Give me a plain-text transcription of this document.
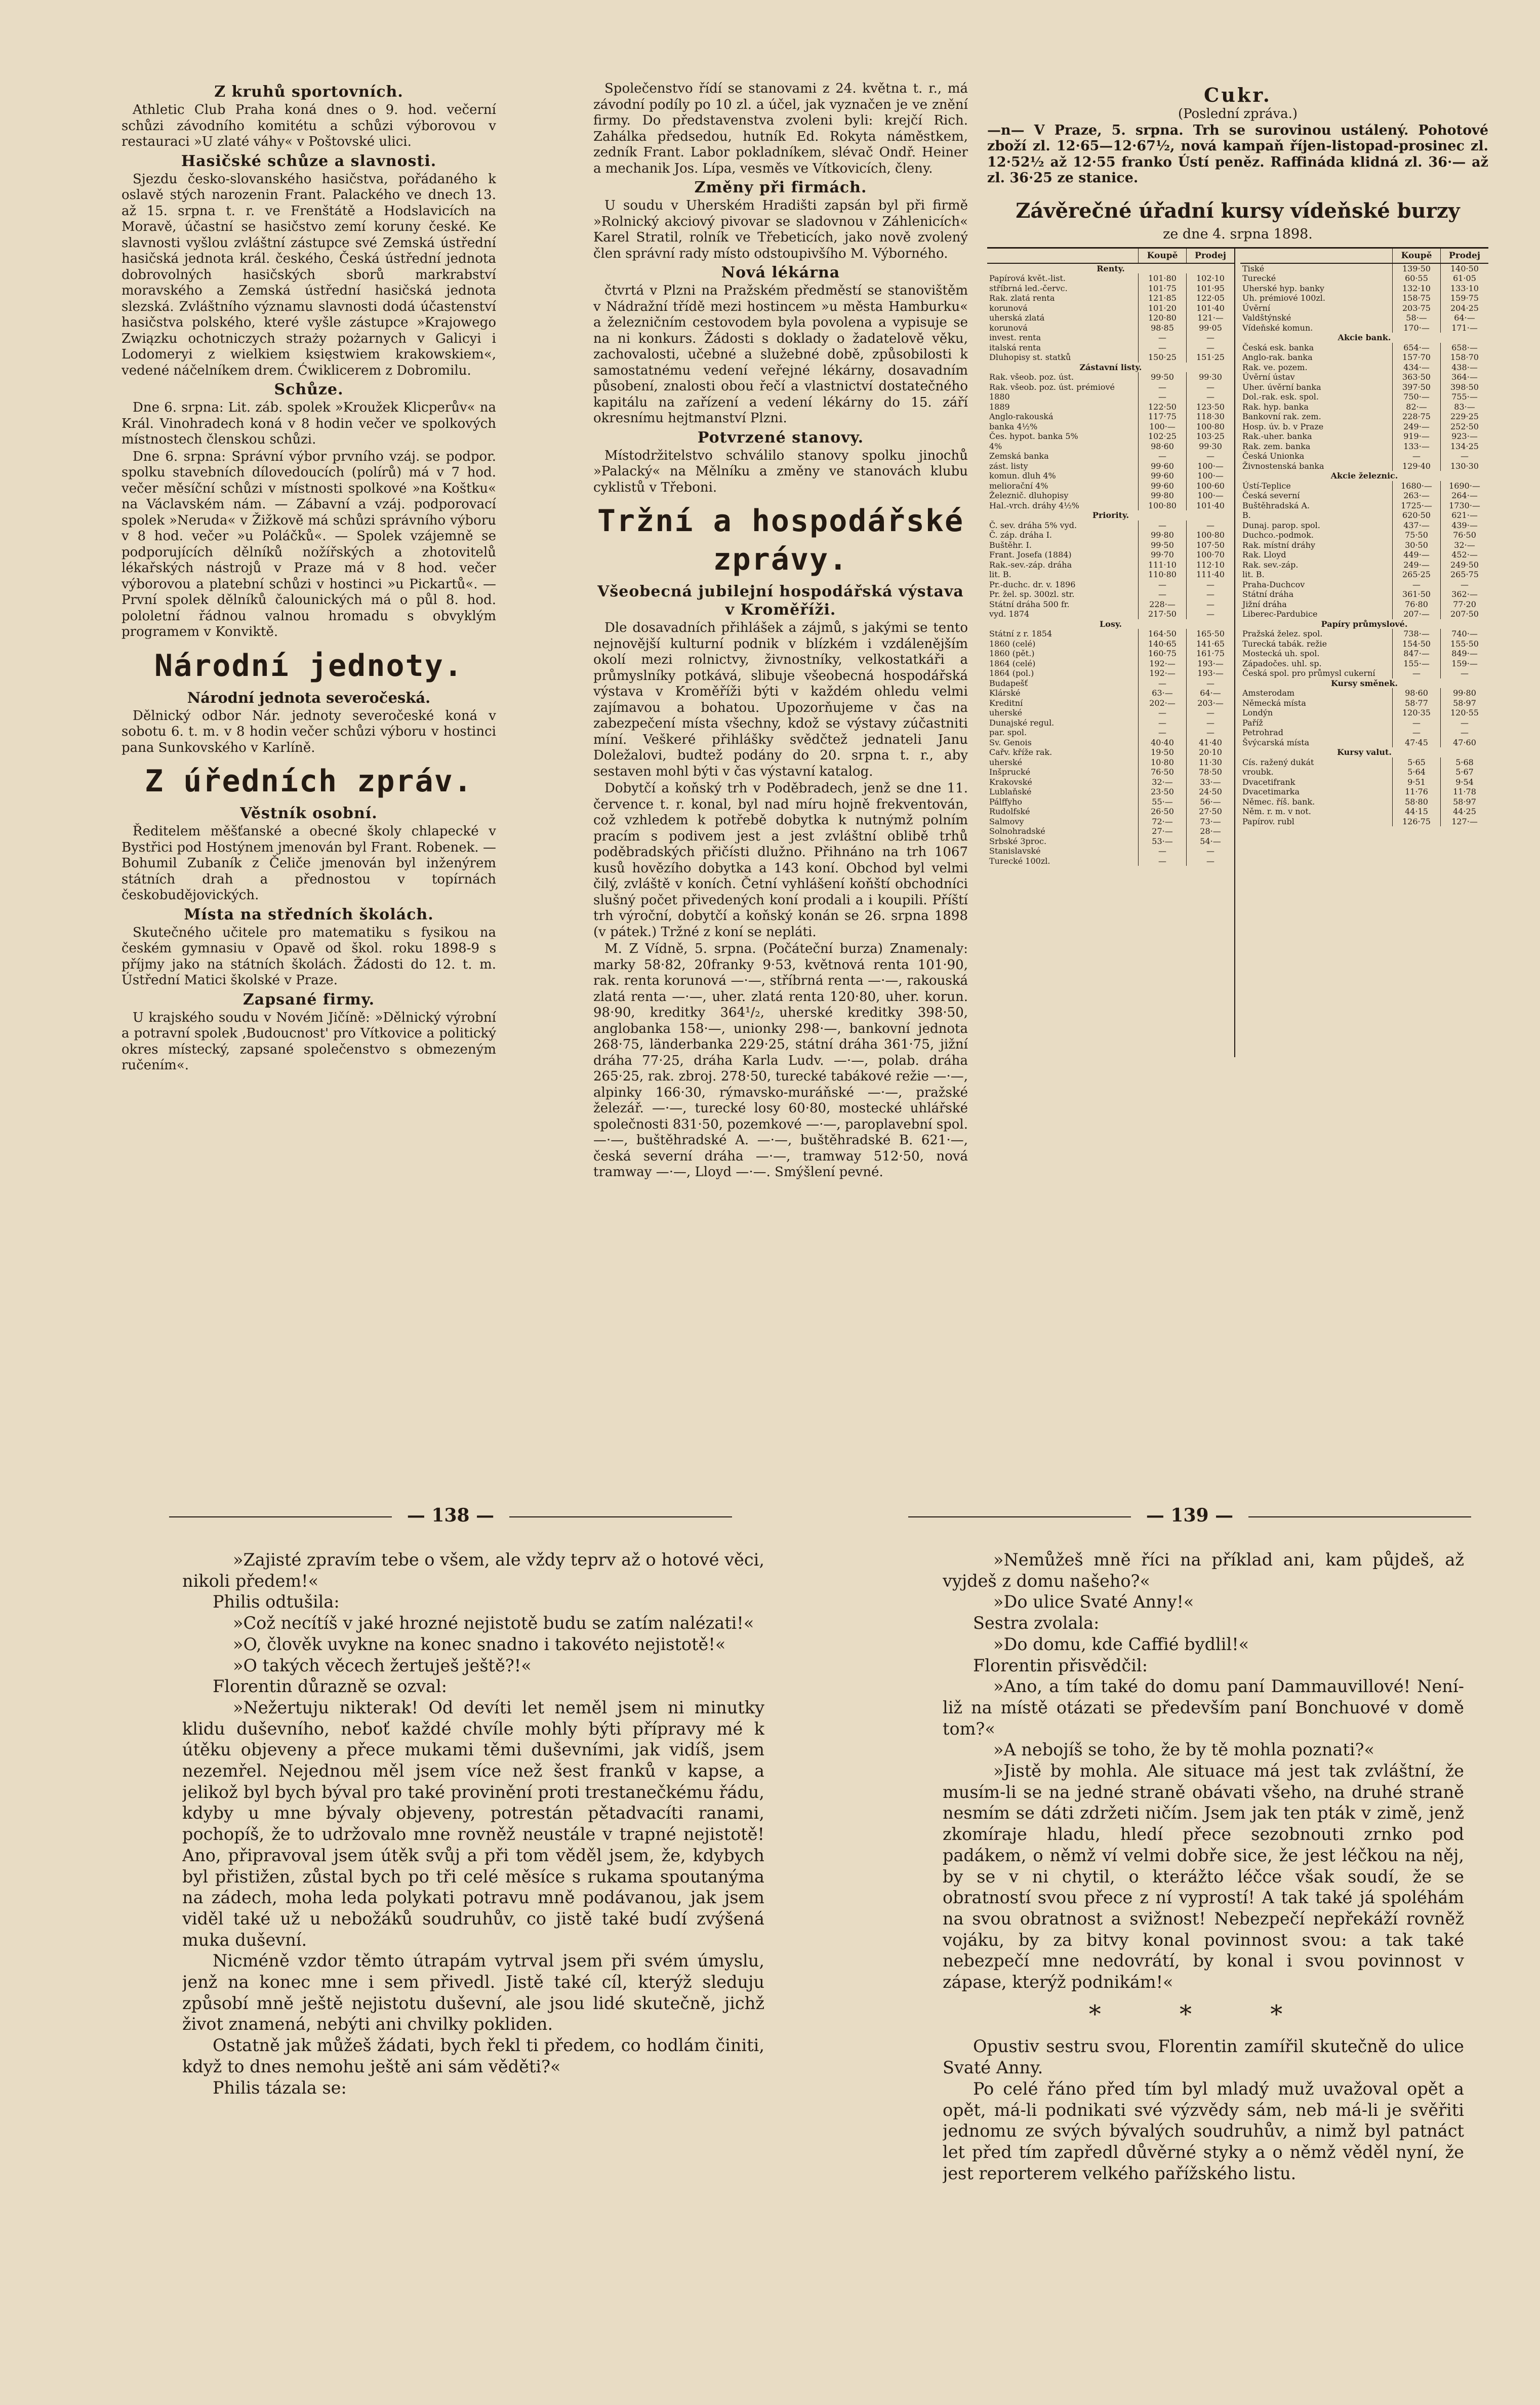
Z kruhů sportovních.

Athletic Club Praha koná dnes o 9. hod. večerní schůzi závodního komitétu a schůzi výborovou v restauraci »U zlaté váhy« v Poštovské ulici.

Hasičské schůze a slavnosti.

Sjezdu česko-slovanského hasičstva, pořádaného k oslavě stých narozenin Frant. Palackého ve dnech 13. až 15. srpna t. r. ve Frenštátě a Hodslavicích na Moravě, účastní se hasičstvo zemí koruny české. Ke slavnosti vyšlou zvláštní zástupce své Zemská ústřední hasičská jednota král. českého, Česká ústřední jednota dobrovolných hasičských sborů markrabství moravského a Zemská ústřední hasičská jednota slezská. Zvláštního významu slavnosti dodá účastenství hasičstva polského, které vyšle zástupce »Krajowego Związku ochotniczych straży pożarnych v Galicyi i Lodomeryi z wielkiem księstwiem krakowskiem«, vedené náčelníkem drem. Ćwiklicerem z Dobromilu.

Schůze.

Dne 6. srpna: Lit. záb. spolek »Kroužek Klicperův« na Král. Vinohradech koná v 8 hodin večer ve spolkových místnostech členskou schůzi.

Dne 6. srpna: Správní výbor prvního vzáj. se podpor. spolku stavebních dílovedoucích (polírů) má v 7 hod. večer měsíční schůzi v místnosti spolkové »na Koštku« na Václavském nám. — Zábavní a vzáj. podporovací spolek »Neruda« v Žižkově má schůzi správního výboru v 8 hod. večer »u Poláčků«. — Spolek vzájemně se podporujících dělníků nožířských a zhotovitelů lékařských nástrojů v Praze má v 8 hod. večer výborovou a platební schůzi v hostinci »u Pickartů«. — První spolek dělníků čalounických má o půl 8. hod. pololetní řádnou valnou hromadu s obvyklým programem v Konviktě.

Národní jednoty.
Národní jednota severočeská.

Dělnický odbor Nár. jednoty severočeské koná v sobotu 6. t. m. v 8 hodin večer schůzi výboru v hostinci pana Sunkovského v Karlíně.

Z úředních zpráv.
Věstník osobní.

Ředitelem měšťanské a obecné školy chlapecké v Bystřici pod Hostýnem jmenován byl Frant. Robenek. — Bohumil Zubaník z Čeliče jmenován byl inženýrem státních drah a přednostou v topírnách českobudějovických.

Místa na středních školách.

Skutečného učitele pro matematiku s fysikou na českém gymnasiu v Opavě od škol. roku 1898-9 s příjmy jako na státních školách. Žádosti do 12. t. m. Ústřední Matici školské v Praze.

Zapsané firmy.

U krajského soudu v Novém Jičíně: »Dělnický výrobní a potravní spolek ‚Budoucnost' pro Vítkovice a politický okres místecký, zapsané společenstvo s obmezeným ručením«.

Společenstvo řídí se stanovami z 24. května t. r., má závodní podíly po 10 zl. a účel, jak vyznačen je ve znění firmy. Do představenstva zvoleni byli: krejčí Rich. Zahálka předsedou, hutník Ed. Rokyta náměstkem, zedník Frant. Labor pokladníkem, slévač Ondř. Heiner a mechanik Jos. Lípa, vesměs ve Vítkovicích, členy.

Změny při firmách.

U soudu v Uherském Hradišti zapsán byl při firmě »Rolnický akciový pivovar se sladovnou v Záhlenicích« Karel Stratil, rolník ve Třebeticích, jako nově zvolený člen správní rady místo odstoupivšího M. Výborného.

Nová lékárna

čtvrtá v Plzni na Pražském předměstí se stanovištěm v Nádražní třídě mezi hostincem »u města Hamburku« a železničním cestovodem byla povolena a vypisuje se na ni konkurs. Žádosti s doklady o žadatelově věku, zachovalosti, učebné a služebné době, způsobilosti k samostatnému vedení veřejné lékárny, dosavadním působení, znalosti obou řečí a vlastnictví dostatečného kapitálu na zařízení a vedení lékárny do 15. září okresnímu hejtmanství Plzni.

Potvrzené stanovy.

Místodržitelstvo schválilo stanovy spolku jinochů »Palacký« na Mělníku a změny ve stanovách klubu cyklistů v Třeboni.

Tržní a hospodářské zprávy.
Všeobecná jubilejní hospodářská výstava v Kroměříži.

Dle dosavadních přihlášek a zájmů, s jakými se tento nejnovější kulturní podnik v blízkém i vzdálenějším okolí mezi rolnictvy, živnostníky, velkostatkáři a průmyslníky potkává, slibuje všeobecná hospodářská výstava v Kroměříži býti v každém ohledu velmi zajímavou a bohatou. Upozorňujeme v čas na zabezpečení místa všechny, kdož se výstavy zúčastniti míní. Veškeré přihlášky svědčtež jednateli Janu Doležalovi, budtež podány do 20. srpna t. r., aby sestaven mohl býti v čas výstavní katalog.

Dobytčí a koňský trh v Poděbradech, jenž se dne 11. července t. r. konal, byl nad míru hojně frekventován, což vzhledem k potřebě dobytka k nutnýmž polním pracím s podivem jest a jest zvláštní oblibě trhů poděbradských přičísti dlužno. Přihnáno na trh 1067 kusů hovězího dobytka a 143 koní. Obchod byl velmi čilý, zvláště v koních. Četní vyhlášení koňští obchodníci slušný počet přivedených koní prodali a i koupili. Příští trh výroční, dobytčí a koňský konán se 26. srpna 1898 (v pátek.) Tržné z koní se nepláti.

M. Z Vídně, 5. srpna. (Počáteční burza) Znamenaly: marky 58·82, 20franky 9·53, květnová renta 101·90, rak. renta korunová —·—, stříbrná renta —·—, rakouská zlatá renta —·—, uher. zlatá renta 120·80, uher. korun. 98·90, kreditky 364¹/₂, uherské kreditky 398·50, anglobanka 158·—, unionky 298·—, bankovní jednota 268·75, länderbanka 229·25, státní dráha 361·75, jižní dráha 77·25, dráha Karla Ludv. —·—, polab. dráha 265·25, rak. zbroj. 278·50, turecké tabákové režie —·—, alpinky 166·30, rýmavsko-muráňské —·—, pražské železář. —·—, turecké losy 60·80, mostecké uhlářské společnosti 831·50, pozemkové —·—, paroplavební spol. —·—, buštěhradské A. —·—, buštěhradské B. 621·—, česká severní dráha —·—, tramway 512·50, nová tramway —·—, Lloyd —·—. Smýšlení pevné.

Cukr.
(Poslední zpráva.)
—n— V Praze, 5. srpna. Trh se surovinou ustálený. Pohotové zboží zl. 12·65—12·67½, nová kampaň říjen-listopad-prosinec zl. 12·52½ až 12·55 franko Ústí peněz. Raffináda klidná zl. 36·— až zl. 36·25 ze stanice.
Závěrečné úřadní kursy vídeňské burzy
ze dne 4. srpna 1898.
Koupě	Prodej
Renty.
Papírová květ.-list.	101·80	102·10
stříbrná led.-červc.	101·75	101·95
Rak. zlatá renta	121·85	122·05
korunová	101·20	101·40
uherská zlatá	120·80	121·—
korunová	98·85	99·05
invest. renta	—	—
italská renta	—	—
Dluhopisy st. statků	150·25	151·25
Zástavní listy.
Rak. všeob. poz. úst.	99·50	99·30
Rak. všeob. poz. úst. prémiové	—	—
1880	—	—
1889	122·50	123·50
Anglo-rakouská	117·75	118·30
banka 4½%	100·—	100·80
Čes. hypot. banka 5%	102·25	103·25
4%	98·60	99·30
Zemská banka	—	—
zást. listy	99·60	100·—
komun. dluh 4%	99·60	100·—
meliorační 4%	99·60	100·60
Železnič. dluhopisy	99·80	100·—
Hal.-vrch. dráhy 4½%	100·80	101·40
Priority.
Č. sev. dráha 5% vyd.	—	—
Č. záp. dráha I.	99·80	100·80
Buštěhr. I.	99·50	107·50
Frant. Josefa (1884)	99·70	100·70
Rak.-sev.-záp. dráha	111·10	112·10
lit. B.	110·80	111·40
Pr.-duchc. dr. v. 1896	—	—
Pr. žel. sp. 300zl. str.	—	—
Státní dráha 500 fr.	228·—	—
vyd. 1874	217·50	—
Losy.
Státní z r. 1854	164·50	165·50
1860 (celé)	140·65	141·65
1860 (pět.)	160·75	161·75
1864 (celé)	192·—	193·—
1864 (pol.)	192·—	193·—
Budapešť	—	—
Klárské	63·—	64·—
Kreditní	202·—	203·—
uherské	—	—
Dunajské regul.	—	—
par. spol.	—	—
Sv. Genois	40·40	41·40
Cařv. kříže rak.	19·50	20·10
uherské	10·80	11·30
Inšprucké	76·50	78·50
Krakovské	32·—	33·—
Lublaňské	23·50	24·50
Pálffyho	55·—	56·—
Rudolfské	26·50	27·50
Salmovy	72·—	73·—
Solnohradské	27·—	28·—
Srbské 3proc.	53·—	54·—
Stanislavské	—	—
Turecké 100zl.	—	—
Koupě	Prodej
Tiské	139·50	140·50
Turecké	60·55	61·05
Uherské hyp. banky	132·10	133·10
Uh. prémiové 100zl.	158·75	159·75
Úvěrní	203·75	204·25
Valdštýnské	58·—	64·—
Vídeňské komun.	170·—	171·—
Akcie bank.
Česká esk. banka	654·—	658·—
Anglo-rak. banka	157·70	158·70
Rak. ve. pozem.	434·—	438·—
Úvěrní ústav	363·50	364·—
Uher. úvěrní banka	397·50	398·50
Dol.-rak. esk. spol.	750·—	755·—
Rak. hyp. banka	82·—	83·—
Bankovní rak. zem.	228·75	229·25
Hosp. úv. b. v Praze	249·—	252·50
Rak.-uher. banka	919·—	923·—
Rak. zem. banka	133·—	134·25
Česká Unionka	—	—
Živnostenská banka	129·40	130·30
Akcie železnic.
Ústí-Teplice	1680·—	1690·—
Česká severní	263·—	264·—
Buštěhradská A.	1725·—	1730·—
B.	620·50	621·—
Dunaj. parop. spol.	437·—	439·—
Duchco.-podmok.	75·50	76·50
Rak. místní dráhy	30·50	32·—
Rak. Lloyd	449·—	452·—
Rak. sev.-záp.	249·—	249·50
lit. B.	265·25	265·75
Praha-Duchcov	—	—
Státní dráha	361·50	362·—
Jižní dráha	76·80	77·20
Liberec-Pardubice	207·—	207·50
Papíry průmyslové.
Pražská želez. spol.	738·—	740·—
Turecká tabák. režie	154·50	155·50
Mostecká uh. spol.	847·—	849·—
Západočes. uhl. sp.	155·—	159·—
Česká spol. pro průmysl cukerní	—	—
Kursy směnek.
Amsterodam	98·60	99·80
Německá místa	58·77	58·97
Londýn	120·35	120·55
Paříž	—	—
Petrohrad	—	—
Švýcarská místa	47·45	47·60
Kursy valut.
Cís. ražený dukát	5·65	5·68
vroubk.	5·64	5·67
Dvacetifrank	9·51	9·54
Dvacetimarka	11·76	11·78
Němec. říš. bank.	58·80	58·97
Něm. r. m. v not.	44·15	44·25
Papírov. rubl	126·75	127·—
— 138 —	— 139 —

»Zajisté zpravím tebe o všem, ale vždy teprv až o hotové věci, nikoli předem!«

Philis odtušila:

»Což necítíš v jaké hrozné nejistotě budu se zatím nalézati!«

»O, člověk uvykne na konec snadno i takovéto nejistotě!«

»O takých věcech žertuješ ještě?!«

Florentin důrazně se ozval:

»Nežertuju nikterak! Od devíti let neměl jsem ni minutky klidu duševního, neboť každé chvíle mohly býti přípravy mé k útěku objeveny a přece mukami těmi duševními, jak vidíš, jsem nezemřel. Nejednou měl jsem více než šest franků v kapse, a jelikož byl bych býval pro také provinění proti trestanečkému řádu, kdyby u mne bývaly objeveny, potrestán pětadvacíti ranami, pochopíš, že to udržovalo mne rovněž neustále v trapné nejistotě! Ano, připravoval jsem útěk svůj a při tom věděl jsem, že, kdybych byl přistižen, zůstal bych po tři celé měsíce s rukama spoutanýma na zádech, moha leda polykati potravu mně podávanou, jak jsem viděl také už u nebožáků soudruhův, co jistě také budí zvýšená muka duševní.

Nicméně vzdor těmto útrapám vytrval jsem při svém úmyslu, jenž na konec mne i sem přivedl. Jistě také cíl, kterýž sleduju způsobí mně ještě nejistotu duševní, ale jsou lidé skutečně, jichž život znamená, nebýti ani chvilky pokliden.

Ostatně jak můžeš žádati, bych řekl ti předem, co hodlám činiti, když to dnes nemohu ještě ani sám věděti?«

Philis tázala se:

»Nemůžeš mně říci na příklad ani, kam půjdeš, až vyjdeš z domu našeho?«

»Do ulice Svaté Anny!«

Sestra zvolala:

»Do domu, kde Caffié bydlil!«

Florentin přisvědčil:

»Ano, a tím také do domu paní Dammauvillové! Není-liž na místě otázati se především paní Bonchuové v domě tom?«

»A nebojíš se toho, že by tě mohla poznati?«

»Jistě by mohla. Ale situace má jest tak zvláštní, že musím-li se na jedné straně obávati všeho, na druhé straně nesmím se dáti zdržeti ničím. Jsem jak ten pták v zimě, jenž zkomíraje hladu, hledí přece sezobnouti zrnko pod padákem, o němž ví velmi dobře sice, že jest léčkou na něj, by se v ni chytil, o kterážto léčce však soudí, že se obratností svou přece z ní vyprostí! A tak také já spoléhám na svou obratnost a svižnost! Nebezpečí nepřekáží rovněž vojáku, by za bitvy konal povinnost svou: a tak také nebezpečí mne nedovrátí, by konal i svou povinnost v zápase, kterýž podnikám!«

* * *

Opustiv sestru svou, Florentin zamířil skutečně do ulice Svaté Anny.

Po celé řáno před tím byl mladý muž uvažoval opět a opět, má-li podnikati své výzvědy sám, neb má-li je svěřiti jednomu ze svých bývalých soudruhův, a nimž byl patnáct let před tím zapředl důvěrné styky a o němž věděl nyní, že jest reporterem velkého pařížského listu.
